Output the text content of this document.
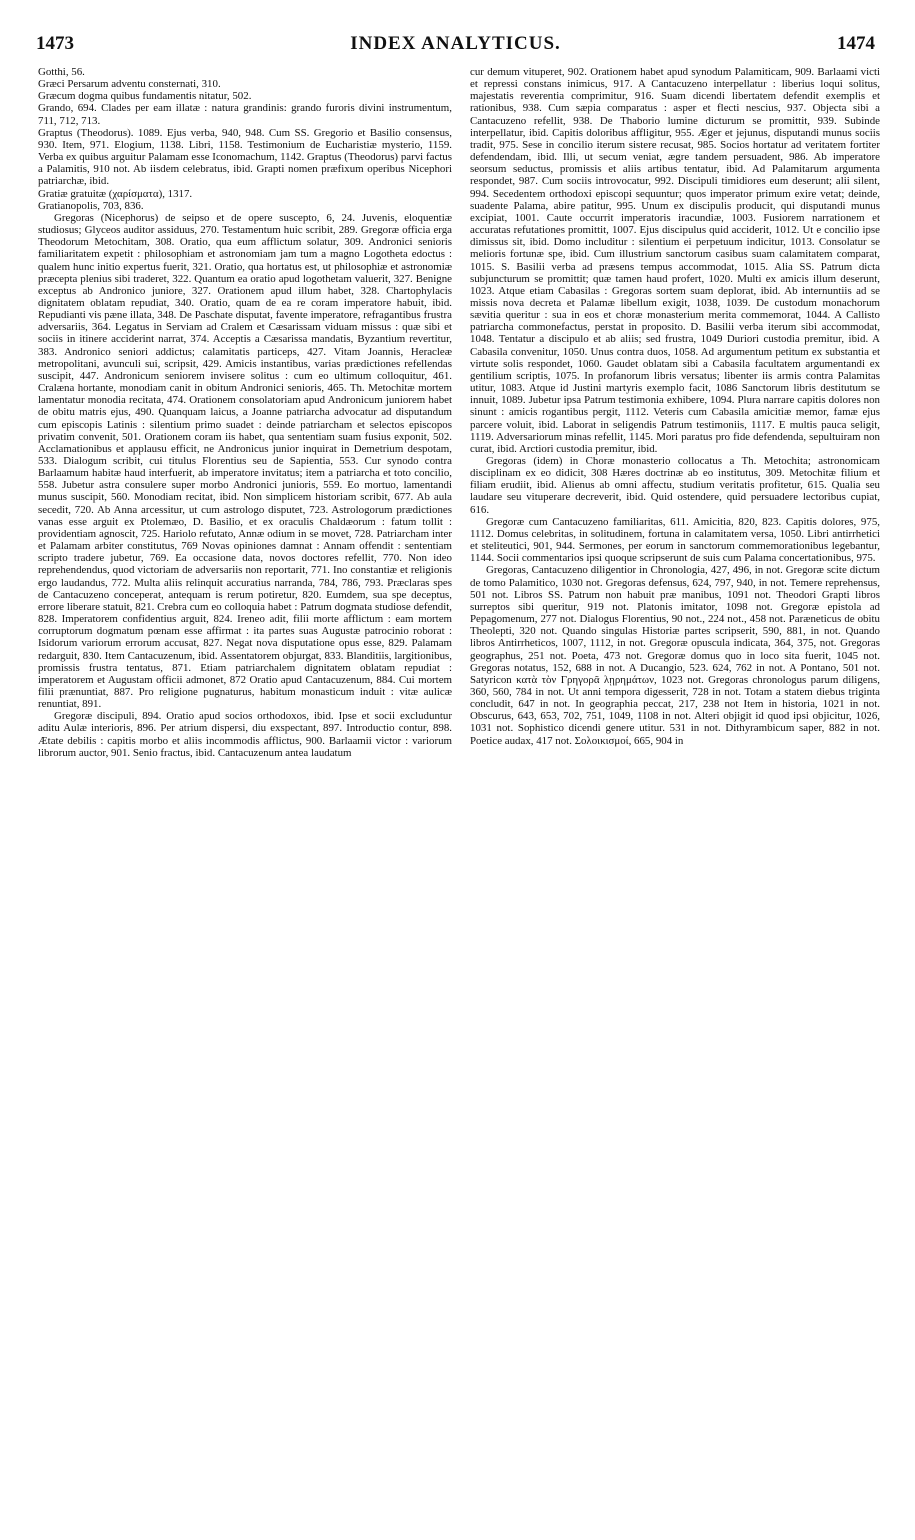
1473	INDEX ANALYTICUS.	1474

Gotthi, 56.

Græci Persarum adventu consternati, 310.

Græcum dogma quibus fundamentis nitatur, 502.

Grando, 694. Clades per eam illatæ : natura grandinis: grando furoris divini instrumentum, 711, 712, 713.

Graptus (Theodorus). 1089. Ejus verba, 940, 948. Cum SS. Gregorio et Basilio consensus, 930. Item, 971. Elogium, 1138. Libri, 1158. Testimonium de Eucharistiæ mysterio, 1159. Verba ex quibus arguitur Palamam esse Iconomachum, 1142. Graptus (Theodorus) parvi factus a Palamitis, 910 not. Ab iisdem celebratus, ibid. Grapti nomen præfixum operibus Nicephori patriarchæ, ibid.

Gratiæ gratuitæ (χαρίσματα), 1317.

Gratianopolis, 703, 836.

Gregoras (Nicephorus) de seipso et de opere suscepto, 6, 24. Juvenis, eloquentiæ studiosus; Glyceos auditor assiduus, 270. Testamentum huic scribit, 289. Gregoræ officia erga Theodorum Metochitam, 308. Oratio, qua eum afflictum solatur, 309. Andronici senioris familiaritatem expetit : philosophiam et astronomiam jam tum a magno Logotheta edoctus : qualem hunc initio expertus fuerit, 321. Oratio, qua hortatus est, ut philosophiæ et astronomiæ præcepta plenius sibi traderet, 322. Quantum ea oratio apud logothetam valuerit, 327. Benigne exceptus ab Andronico juniore, 327. Orationem apud illum habet, 328. Chartophylacis dignitatem oblatam repudiat, 340. Oratio, quam de ea re coram imperatore habuit, ibid. Repudianti vis pæne illata, 348. De Paschate disputat, favente imperatore, refragantibus frustra adversariis, 364. Legatus in Serviam ad Cralem et Cæsarissam viduam missus : quæ sibi et sociis in itinere acciderint narrat, 374. Acceptis a Cæsarissa mandatis, Byzantium revertitur, 383. Andronico seniori addictus; calamitatis particeps, 427. Vitam Joannis, Heracleæ metropolitani, avunculi sui, scripsit, 429. Amicis instantibus, varias prædictiones refellendas suscipit, 447. Andronicum seniorem invisere solitus : cum eo ultimum colloquitur, 461. Cralæna hortante, monodiam canit in obitum Andronici senioris, 465. Th. Metochitæ mortem lamentatur monodia recitata, 474. Orationem consolatoriam apud Andronicum juniorem habet de obitu matris ejus, 490. Quanquam laicus, a Joanne patriarcha advocatur ad disputandum cum episcopis Latinis : silentium primo suadet : deinde patriarcham et selectos episcopos privatim convenit, 501. Orationem coram iis habet, qua sententiam suam fusius exponit, 502. Acclamationibus et applausu efficit, ne Andronicus junior inquirat in Demetrium despotam, 533. Dialogum scribit, cui titulus Florentius seu de Sapientia, 553. Cur synodo contra Barlaamum habitæ haud interfuerit, ab imperatore invitatus; item a patriarcha et toto concilio, 558. Jubetur astra consulere super morbo Andronici junioris, 559. Eo mortuo, lamentandi munus suscipit, 560. Monodiam recitat, ibid. Non simplicem historiam scribit, 677. Ab aula secedit, 720. Ab Anna arcessitur, ut cum astrologo disputet, 723. Astrologorum prædictiones vanas esse arguit ex Ptolemæo, D. Basilio, et ex oraculis Chaldæorum : fatum tollit : providentiam agnoscit, 725. Hariolo refutato, Annæ odium in se movet, 728. Patriarcham inter et Palamam arbiter constitutus, 769 Novas opiniones damnat : Annam offendit : sententiam scripto tradere jubetur, 769. Ea occasione data, novos doctores refellit, 770. Non ideo reprehendendus, quod victoriam de adversariis non reportarit, 771. Ino constantiæ et religionis ergo laudandus, 772. Multa aliis relinquit accuratius narranda, 784, 786, 793. Præclaras spes de Cantacuzeno conceperat, antequam is rerum potiretur, 820. Eumdem, sua spe deceptus, errore liberare statuit, 821. Crebra cum eo colloquia habet : Patrum dogmata studiose defendit, 828. Imperatorem confidentius arguit, 824. Ireneo adit, filii morte afflictum : eam mortem corruptorum dogmatum pœnam esse affirmat : ita partes suas Augustæ patrocinio roborat : Isidorum variorum errorum accusat, 827. Negat nova disputatione opus esse, 829. Palamam redarguit, 830. Item Cantacuzenum, ibid. Assentatorem objurgat, 833. Blanditiis, largitionibus, promissis frustra tentatus, 871. Etiam patriarchalem dignitatem oblatam repudiat : imperatorem et Augustam officii admonet, 872 Oratio apud Cantacuzenum, 884. Cui mortem filii prænuntiat, 887. Pro religione pugnaturus, habitum monasticum induit : vitæ aulicæ renuntiat, 891.

Gregoræ discipuli, 894. Oratio apud socios orthodoxos, ibid. Ipse et socii excluduntur aditu Aulæ interioris, 896. Per atrium dispersi, diu exspectant, 897. Introductio contur, 898. Ætate debilis : capitis morbo et aliis incommodis afflictus, 900. Barlaamii victor : variorum librorum auctor, 901. Senio fractus, ibid. Cantacuzenum antea laudatum

cur demum vituperet, 902. Orationem habet apud synodum Palamiticam, 909. Barlaami victi et repressi constans inimicus, 917. A Cantacuzeno interpellatur : liberius loqui solitus, majestatis reverentia comprimitur, 916. Suam dicendi libertatem defendit exemplis et rationibus, 938. Cum sæpia comparatus : asper et flecti nescius, 937. Objecta sibi a Cantacuzeno refellit, 938. De Thaborio lumine dicturum se promittit, 939. Subinde interpellatur, ibid. Capitis doloribus affligitur, 955. Æger et jejunus, disputandi munus sociis tradit, 975. Sese in concilio iterum sistere recusat, 985. Socios hortatur ad veritatem fortiter defendendam, ibid. Illi, ut secum veniat, ægre tandem persuadent, 986. Ab imperatore seorsum seductus, promissis et aliis artibus tentatur, ibid. Ad Palamitarum argumenta respondet, 987. Cum sociis introvocatur, 992. Discipuli timidiores eum deserunt; alii silent, 994. Secedentem orthodoxi episcopi sequuntur; quos imperator primum exire vetat; deinde, suadente Palama, abire patitur, 995. Unum ex discipulis producit, qui disputandi munus excipiat, 1001. Caute occurrit imperatoris iracundiæ, 1003. Fusiorem narrationem et accuratas refutationes promittit, 1007. Ejus discipulus quid acciderit, 1012. Ut e concilio ipse dimissus sit, ibid. Domo includitur : silentium ei perpetuum indicitur, 1013. Consolatur se melioris fortunæ spe, ibid. Cum illustrium sanctorum casibus suam calamitatem comparat, 1015. S. Basilii verba ad præsens tempus accommodat, 1015. Alia SS. Patrum dicta subjuncturum se promittit; quæ tamen haud profert, 1020. Multi ex amicis illum deserunt, 1023. Atque etiam Cabasilas : Gregoras sortem suam deplorat, ibid. Ab internuntiis ad se missis nova decreta et Palamæ libellum exigit, 1038, 1039. De custodum monachorum sævitia queritur : sua in eos et choræ monasterium merita commemorat, 1044. A Callisto patriarcha commonefactus, perstat in proposito. D. Basilii verba iterum sibi accommodat, 1048. Tentatur a discipulo et ab aliis; sed frustra, 1049 Duriori custodia premitur, ibid. A Cabasila convenitur, 1050. Unus contra duos, 1058. Ad argumentum petitum ex substantia et virtute solis respondet, 1060. Gaudet oblatam sibi a Cabasila facultatem argumentandi ex gentilium scriptis, 1075. In profanorum libris versatus; libenter iis armis contra Palamitas utitur, 1083. Atque id Justini martyris exemplo facit, 1086 Sanctorum libris destitutum se innuit, 1089. Jubetur ipsa Patrum testimonia exhibere, 1094. Plura narrare capitis dolores non sinunt : amicis rogantibus pergit, 1112. Veteris cum Cabasila amicitiæ memor, famæ ejus parcere voluit, ibid. Laborat in seligendis Patrum testimoniis, 1117. E multis pauca seligit, 1119. Adversariorum minas refellit, 1145. Mori paratus pro fide defendenda, sepultuiram non curat, ibid. Arctiori custodia premitur, ibid.

Gregoras (idem) in Choræ monasterio collocatus a Th. Metochita; astronomicam disciplinam ex eo didicit, 308 Hæres doctrinæ ab eo institutus, 309. Metochitæ filium et filiam erudiit, ibid. Alienus ab omni affectu, studium veritatis profitetur, 615. Qualia seu laudare seu vituperare decreverit, ibid. Quid ostendere, quid persuadere lectoribus cupiat, 616.

Gregoræ cum Cantacuzeno familiaritas, 611. Amicitia, 820, 823. Capitis dolores, 975, 1112. Domus celebritas, in solitudinem, fortuna in calamitatem versa, 1050. Libri antirrhetici et steliteutici, 901, 944. Sermones, per eorum in sanctorum commemorationibus legebantur, 1144. Socii commentarios ipsi quoque scripserunt de suis cum Palama concertationibus, 975.

Gregoras, Cantacuzeno diligentior in Chronologia, 427, 496, in not. Gregoræ scite dictum de tomo Palamitico, 1030 not. Gregoras defensus, 624, 797, 940, in not. Temere reprehensus, 501 not. Libros SS. Patrum non habuit præ manibus, 1091 not. Theodori Grapti libros surreptos sibi queritur, 919 not. Platonis imitator, 1098 not. Gregoræ epistola ad Pepagomenum, 277 not. Dialogus Florentius, 90 not., 224 not., 458 not. Paræneticus de obitu Theolepti, 320 not. Quando singulas Historiæ partes scripserit, 590, 881, in not. Quando libros Antirrheticos, 1007, 1112, in not. Gregoræ opuscula indicata, 364, 375, not. Gregoras geographus, 251 not. Poeta, 473 not. Gregoræ domus quo in loco sita fuerit, 1045 not. Gregoras notatus, 152, 688 in not. A Ducangio, 523. 624, 762 in not. A Pontano, 501 not. Satyricon κατὰ τὸν Γρηγορᾶ λῃρημάτων, 1023 not. Gregoras chronologus parum diligens, 360, 560, 784 in not. Ut anni tempora digesserit, 728 in not. Totam a statem diebus triginta concludit, 647 in not. In geographia peccat, 217, 238 not Item in historia, 1021 in not. Obscurus, 643, 653, 702, 751, 1049, 1108 in not. Alteri objigit id quod ipsi objicitur, 1026, 1031 not. Sophistico dicendi genere utitur. 531 in not. Dithyrambicum saper, 882 in not. Poetice audax, 417 not. Σολοικισμοί, 665, 904 in
